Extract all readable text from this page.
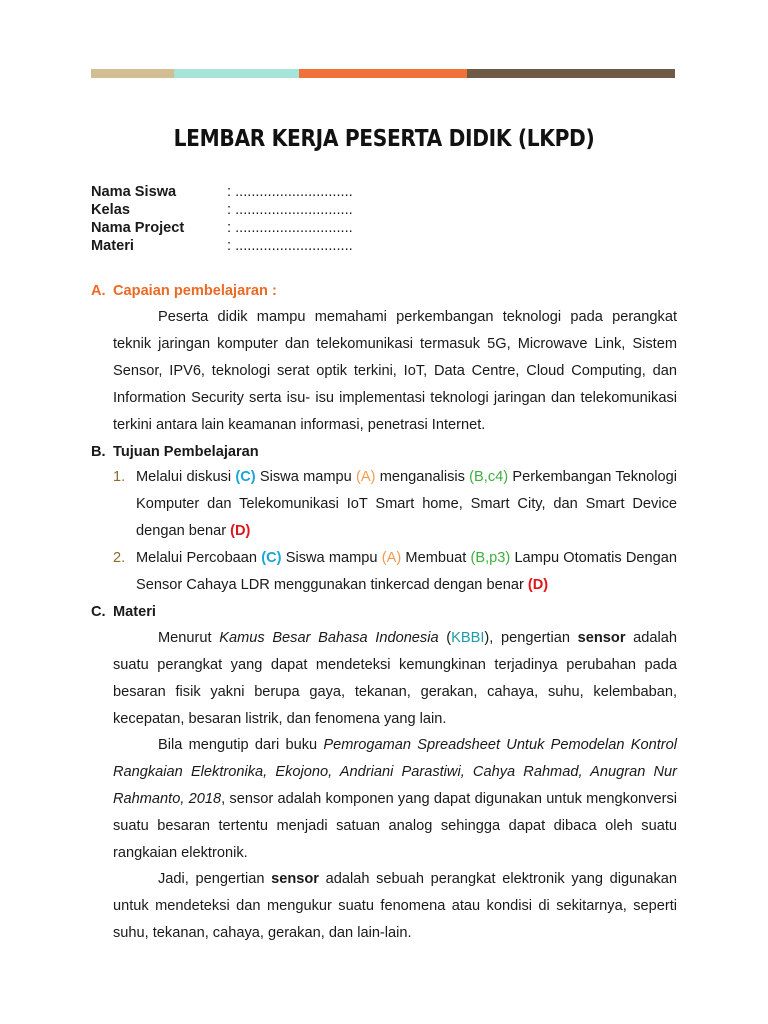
LEMBAR KERJA PESERTA DIDIK (LKPD)
Nama Siswa	: .............................
Kelas	: .............................
Nama Project	: .............................
Materi	: .............................
A. Capaian pembelajaran :

Peserta didik mampu memahami perkembangan teknologi pada perangkat teknik jaringan komputer dan telekomunikasi termasuk 5G, Microwave Link, Sistem Sensor, IPV6, teknologi serat optik terkini, IoT, Data Centre, Cloud Computing, dan Information Security serta isu- isu implementasi teknologi jaringan dan telekomunikasi terkini antara lain keamanan informasi, penetrasi Internet.

B. Tujuan Pembelajaran
1. Melalui diskusi (C) Siswa mampu (A) menganalisis (B,c4) Perkembangan Teknologi Komputer dan Telekomunikasi IoT Smart home, Smart City, dan Smart Device dengan benar (D)

2. Melalui Percobaan (C) Siswa mampu (A) Membuat (B,p3) Lampu Otomatis Dengan Sensor Cahaya LDR menggunakan tinkercad dengan benar (D)

C. Materi

Menurut Kamus Besar Bahasa Indonesia (KBBI), pengertian sensor adalah suatu perangkat yang dapat mendeteksi kemungkinan terjadinya perubahan pada besaran fisik yakni berupa gaya, tekanan, gerakan, cahaya, suhu, kelembaban, kecepatan, besaran listrik, dan fenomena yang lain.

Bila mengutip dari buku Pemrogaman Spreadsheet Untuk Pemodelan Kontrol Rangkaian Elektronika, Ekojono, Andriani Parastiwi, Cahya Rahmad, Anugran Nur Rahmanto, 2018, sensor adalah komponen yang dapat digunakan untuk mengkonversi suatu besaran tertentu menjadi satuan analog sehingga dapat dibaca oleh suatu rangkaian elektronik.

Jadi, pengertian sensor adalah sebuah perangkat elektronik yang digunakan untuk mendeteksi dan mengukur suatu fenomena atau kondisi di sekitarnya, seperti suhu, tekanan, cahaya, gerakan, dan lain-lain.
